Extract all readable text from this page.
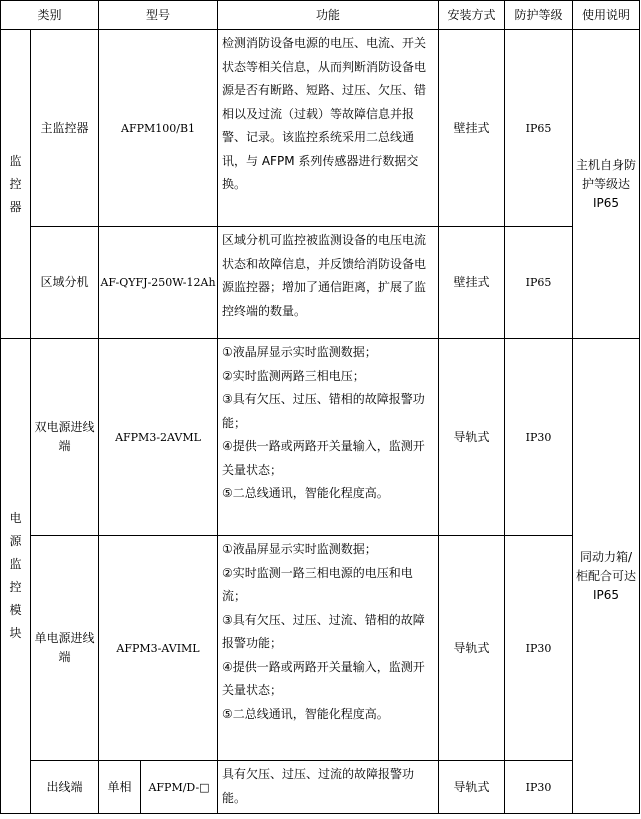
类别		型号		功能	安装方式	防护等级	使用说明

监控器	主监控器	AFPM100/B1		检测消防设备电源的电压、电流、开关状态等相关信息，从而判断消防设备电源是否有断路、短路、过压、欠压、错相以及过流（过载）等故障信息并报警、记录。该监控系统采用二总线通讯，与 AFPM 系列传感器进行数据交换。	壁挂式	IP65	主机自身防护等级达 IP65
	区域分机	AF-QYFJ-250W-12Ah		区域分机可监控被监测设备的电压电流状态和故障信息，并反馈给消防设备电源监控器；增加了通信距离，扩展了监控终端的数量。	壁挂式	IP65	

电源监控模块	双电源进线端	AFPM3-2AVML		①液晶屏显示实时监测数据；
②实时监测两路三相电压；
③具有欠压、过压、错相的故障报警功能；
④提供一路或两路开关量输入，监测开关量状态；
⑤二总线通讯，智能化程度高。	导轨式	IP30	同动力箱/柜配合可达 IP65
	单电源进线端	AFPM3-AVIML		①液晶屏显示实时监测数据；
②实时监测一路三相电源的电压和电流；
③具有欠压、过压、过流、错相的故障报警功能；
④提供一路或两路开关量输入，监测开关量状态；
⑤二总线通讯，智能化程度高。	导轨式	IP30	
	出线端	单相	AFPM/D-□	具有欠压、过压、过流的故障报警功能。	导轨式	IP30	
